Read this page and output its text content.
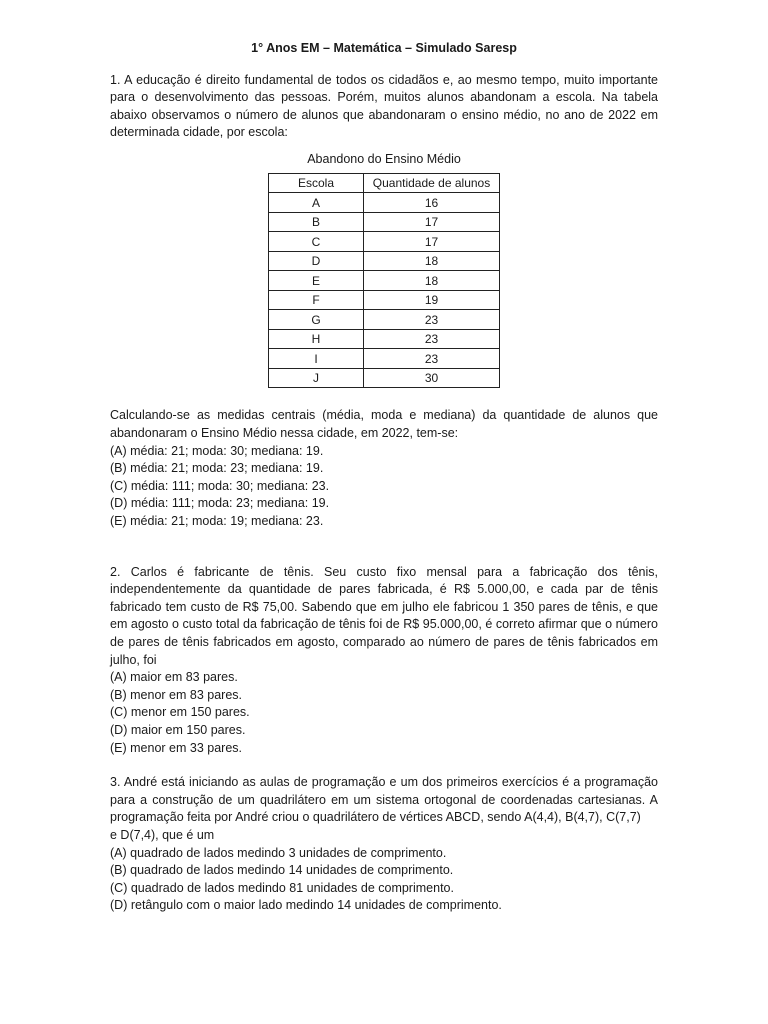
1° Anos EM – Matemática – Simulado Saresp

1. A educação é direito fundamental de todos os cidadãos e, ao mesmo tempo, muito importante para o desenvolvimento das pessoas. Porém, muitos alunos abandonam a escola. Na tabela abaixo observamos o número de alunos que abandonaram o ensino médio, no ano de 2022 em determinada cidade, por escola:

Abandono do Ensino Médio
Escola	Quantidade de alunos
A	16
B	17
C	17
D	18
E	18
F	19
G	23
H	23
I	23
J	30

Calculando-se as medidas centrais (média, moda e mediana) da quantidade de alunos que abandonaram o Ensino Médio nessa cidade, em 2022, tem-se:

(A) média: 21; moda: 30; mediana: 19.
(B) média: 21; moda: 23; mediana: 19.
(C) média: 111; moda: 30; mediana: 23.
(D) média: 111; moda: 23; mediana: 19.
(E) média: 21; moda: 19; mediana: 23.

2. Carlos é fabricante de tênis. Seu custo fixo mensal para a fabricação dos tênis, independentemente da quantidade de pares fabricada, é R$ 5.000,00, e cada par de tênis fabricado tem custo de R$ 75,00. Sabendo que em julho ele fabricou 1 350 pares de tênis, e que em agosto o custo total da fabricação de tênis foi de R$ 95.000,00, é correto afirmar que o número de pares de tênis fabricados em agosto, comparado ao número de pares de tênis fabricados em julho, foi

(A) maior em 83 pares.
(B) menor em 83 pares.
(C) menor em 150 pares.
(D) maior em 150 pares.
(E) menor em 33 pares.

3. André está iniciando as aulas de programação e um dos primeiros exercícios é a programação para a construção de um quadrilátero em um sistema ortogonal de coordenadas cartesianas. A programação feita por André criou o quadrilátero de vértices ABCD, sendo A(4,4), B(4,7), C(7,7)

e D(7,4), que é um

(A) quadrado de lados medindo 3 unidades de comprimento.
(B) quadrado de lados medindo 14 unidades de comprimento.
(C) quadrado de lados medindo 81 unidades de comprimento.
(D) retângulo com o maior lado medindo 14 unidades de comprimento.
